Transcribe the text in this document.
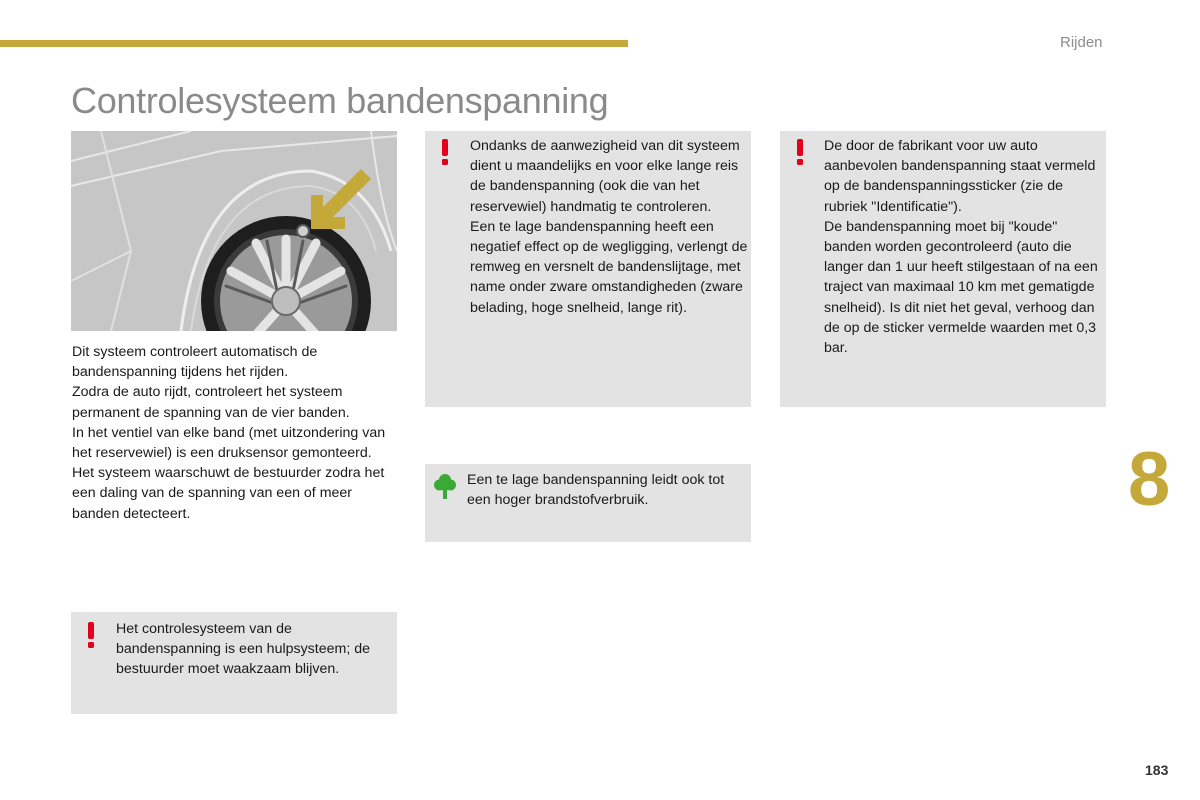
Rijden
Controlesysteem bandenspanning

Dit systeem controleert automatisch de bandenspanning tijdens het rijden.
Zodra de auto rijdt, controleert het systeem permanent de spanning van de vier banden.
In het ventiel van elke band (met uitzondering van het reservewiel) is een druksensor gemonteerd.
Het systeem waarschuwt de bestuurder zodra het een daling van de spanning van een of meer banden detecteert.

Het controlesysteem van de bandenspanning is een hulpsysteem; de bestuurder moet waakzaam blijven.
Ondanks de aanwezigheid van dit systeem dient u maandelijks en voor elke lange reis de bandenspanning (ook die van het reservewiel) handmatig te controleren.
Een te lage bandenspanning heeft een negatief effect op de wegligging, verlengt de remweg en versnelt de bandenslijtage, met name onder zware omstandigheden (zware belading, hoge snelheid, lange rit).
De door de fabrikant voor uw auto aanbevolen bandenspanning staat vermeld op de bandenspanningssticker (zie de rubriek "Identificatie").
De bandenspanning moet bij "koude" banden worden gecontroleerd (auto die langer dan 1 uur heeft stilgestaan of na een traject van maximaal 10 km met gematigde snelheid). Is dit niet het geval, verhoog dan de op de sticker vermelde waarden met 0,3 bar.
Een te lage bandenspanning leidt ook tot een hoger brandstofverbruik.	8
183
